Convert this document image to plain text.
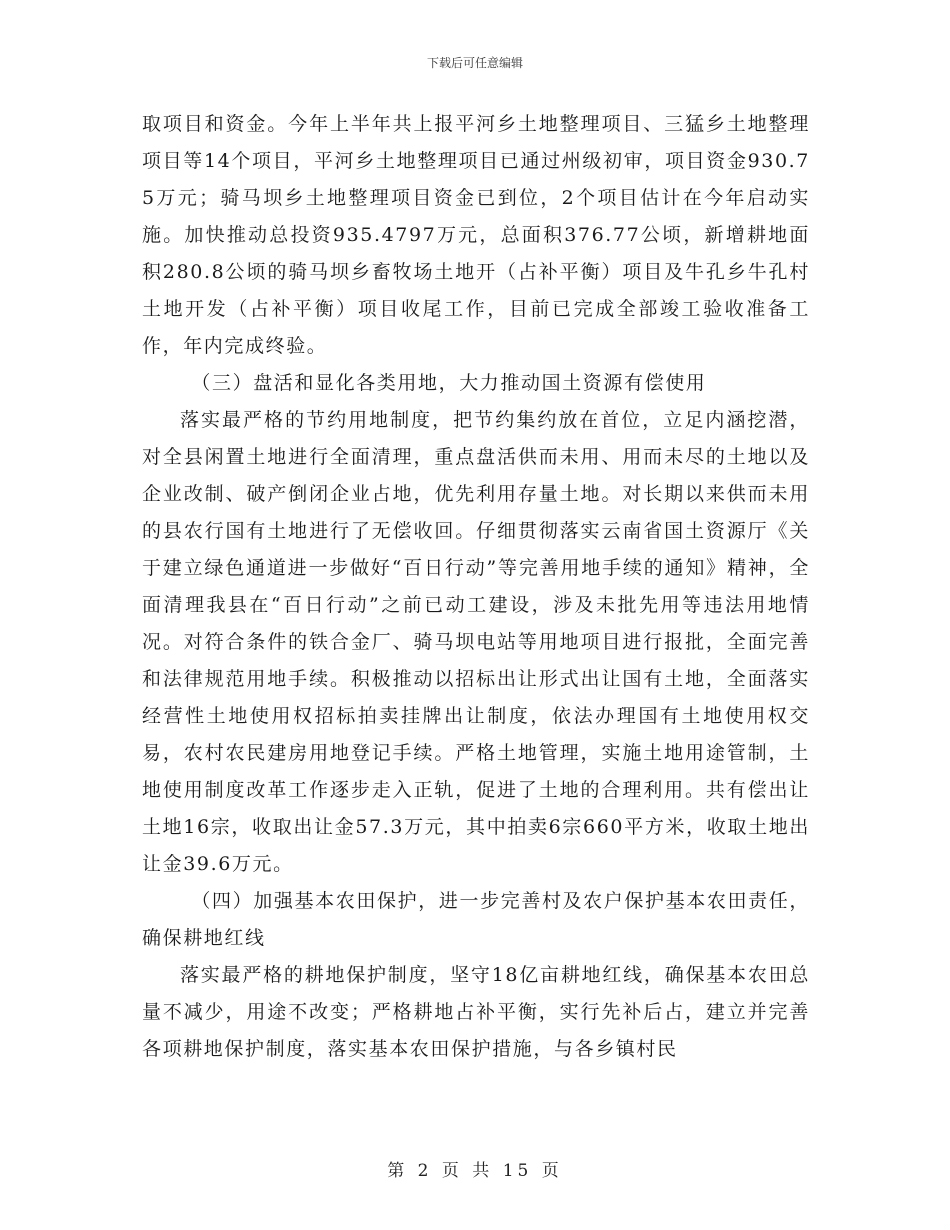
下载后可任意编辑

取项目和资金。今年上半年共上报平河乡土地整理项目、三猛乡土地整理项目等14个项目，平河乡土地整理项目已通过州级初审，项目资金930.75万元；骑马坝乡土地整理项目资金已到位，2个项目估计在今年启动实施。加快推动总投资935.4797万元，总面积376.77公顷，新增耕地面积280.8公顷的骑马坝乡畜牧场土地开（占补平衡）项目及牛孔乡牛孔村土地开发（占补平衡）项目收尾工作，目前已完成全部竣工验收准备工作，年内完成终验。

（三）盘活和显化各类用地，大力推动国土资源有偿使用

落实最严格的节约用地制度，把节约集约放在首位，立足内涵挖潜，对全县闲置土地进行全面清理，重点盘活供而未用、用而未尽的土地以及企业改制、破产倒闭企业占地，优先利用存量土地。对长期以来供而未用的县农行国有土地进行了无偿收回。仔细贯彻落实云南省国土资源厅《关于建立绿色通道进一步做好“百日行动”等完善用地手续的通知》精神，全面清理我县在“百日行动”之前已动工建设，涉及未批先用等违法用地情况。对符合条件的铁合金厂、骑马坝电站等用地项目进行报批，全面完善和法律规范用地手续。积极推动以招标出让形式出让国有土地，全面落实经营性土地使用权招标拍卖挂牌出让制度，依法办理国有土地使用权交易，农村农民建房用地登记手续。严格土地管理，实施土地用途管制，土地使用制度改革工作逐步走入正轨，促进了土地的合理利用。共有偿出让土地16宗，收取出让金57.3万元，其中拍卖6宗660平方米，收取土地出让金39.6万元。

（四）加强基本农田保护，进一步完善村及农户保护基本农田责任，确保耕地红线

落实最严格的耕地保护制度，坚守18亿亩耕地红线，确保基本农田总量不减少，用途不改变；严格耕地占补平衡，实行先补后占，建立并完善各项耕地保护制度，落实基本农田保护措施，与各乡镇村民

第 2 页 共 15 页
